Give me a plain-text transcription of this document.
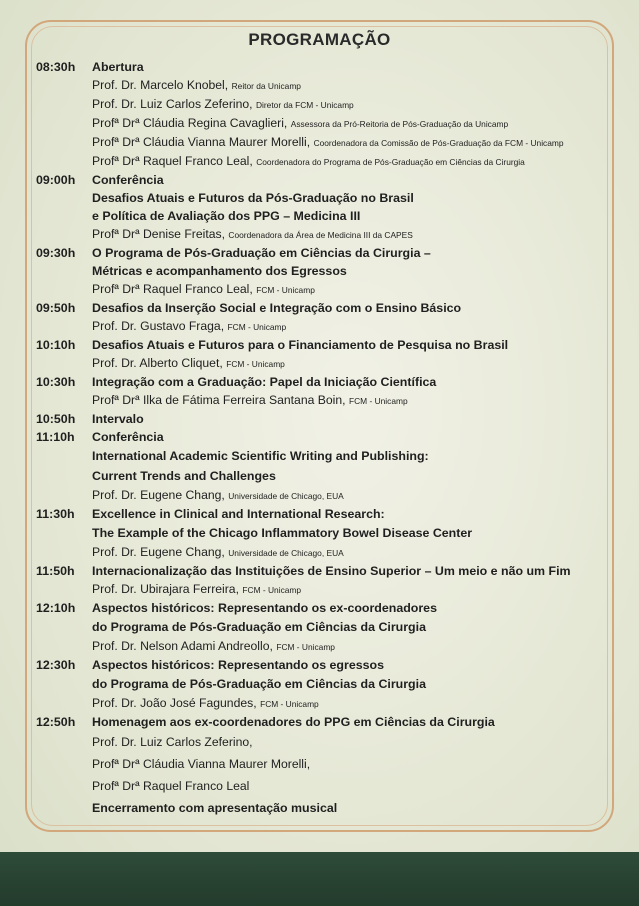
PROGRAMAÇÃO
08:30h	Abertura
Prof. Dr. Marcelo Knobel, Reitor da Unicamp
Prof. Dr. Luiz Carlos Zeferino, Diretor da FCM - Unicamp
Profª Drª Cláudia Regina Cavaglieri, Assessora da Pró-Reitoria de Pós-Graduação da Unicamp
Profª Drª Cláudia Vianna Maurer Morelli, Coordenadora da Comissão de Pós-Graduação da FCM - Unicamp
Profª Drª Raquel Franco Leal, Coordenadora do Programa de Pós-Graduação em Ciências da Cirurgia
09:00h	Conferência
Desafios Atuais e Futuros da Pós-Graduação no Brasil
e Política de Avaliação dos PPG – Medicina III
Profª Drª Denise Freitas, Coordenadora da Área de Medicina III da CAPES
09:30h	O Programa de Pós-Graduação em Ciências da Cirurgia –
Métricas e acompanhamento dos Egressos
Profª Drª Raquel Franco Leal, FCM - Unicamp
09:50h	Desafios da Inserção Social e Integração com o Ensino Básico
Prof. Dr. Gustavo Fraga, FCM - Unicamp
10:10h	Desafios Atuais e Futuros para o Financiamento de Pesquisa no Brasil
Prof. Dr. Alberto Cliquet, FCM - Unicamp
10:30h	Integração com a Graduação: Papel da Iniciação Científica
Profª Drª Ilka de Fátima Ferreira Santana Boin, FCM - Unicamp
10:50h	Intervalo
11:10h	Conferência
International Academic Scientific Writing and Publishing:
Current Trends and Challenges
Prof. Dr. Eugene Chang, Universidade de Chicago, EUA
11:30h	Excellence in Clinical and International Research:
The Example of the Chicago Inflammatory Bowel Disease Center
Prof. Dr. Eugene Chang, Universidade de Chicago, EUA
11:50h	Internacionalização das Instituições de Ensino Superior – Um meio e não um Fim
Prof. Dr. Ubirajara Ferreira, FCM - Unicamp
12:10h	Aspectos históricos: Representando os ex-coordenadores
do Programa de Pós-Graduação em Ciências da Cirurgia
Prof. Dr. Nelson Adami Andreollo, FCM - Unicamp
12:30h	Aspectos históricos: Representando os egressos
do Programa de Pós-Graduação em Ciências da Cirurgia
Prof. Dr. João José Fagundes, FCM - Unicamp
12:50h	Homenagem aos ex-coordenadores do PPG em Ciências da Cirurgia
Prof. Dr. Luiz Carlos Zeferino,
Profª Drª Cláudia Vianna Maurer Morelli,
Profª Drª Raquel Franco Leal
Encerramento com apresentação musical
